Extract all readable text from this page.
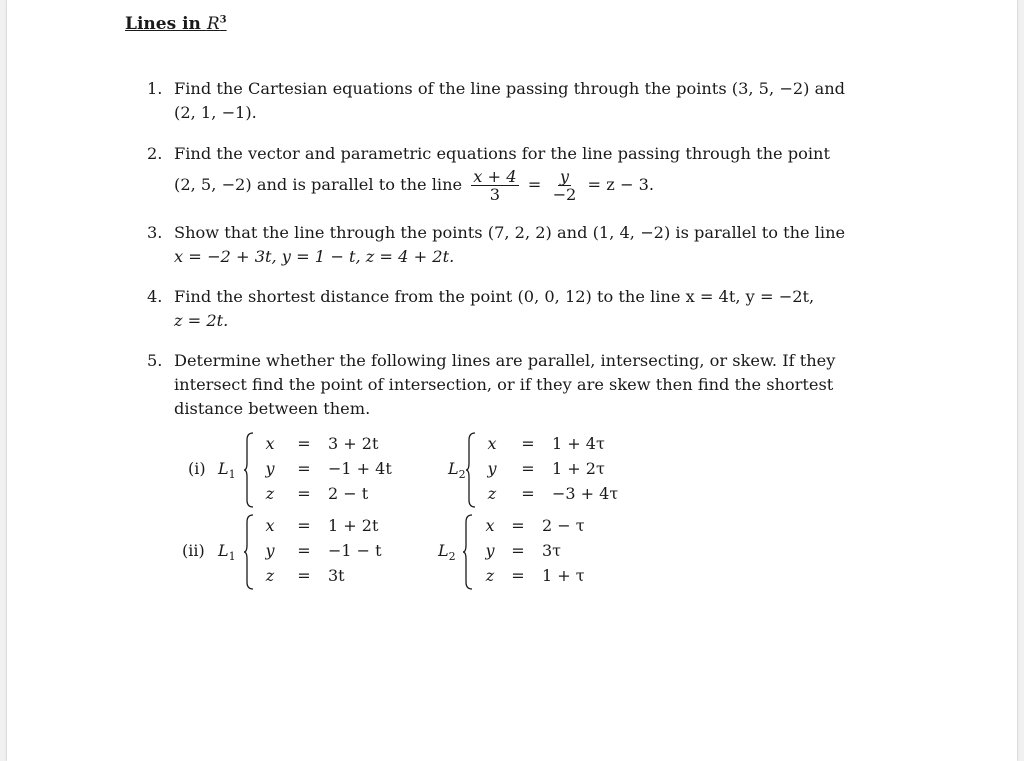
Lines in $R^3$
1. Find the Cartesian equations of the line passing through the points (3, 5, −2) and
(2, 1, −1).
2. Find the vector and parametric equations for the line passing through the point
(2, 5, −2) and is parallel to the line $\frac{x + 4}{3} = \frac{y}{-2} = z - 3$.
3. Show that the line through the points (7, 2, 2) and (1, 4, −2) is parallel to the line
x = −2 + 3t, y = 1 − t, z = 4 + 2t.
4. Find the shortest distance from the point (0, 0, 12) to the line x = 4t, y = −2t,
z = 2t.
5. Determine whether the following lines are parallel, intersecting, or skew. If they
intersect find the point of intersection, or if they are skew then find the shortest
distance between them.
(i) $L_1$
x = 3 + 2t
y = −1 + 4t
z = 2 − t
$L_2$
x = 1 + 4τ
y = 1 + 2τ
z = −3 + 4τ
(ii) $L_1$
x = 1 + 2t
y = −1 − t
z = 3t
$L_2$
x = 2 − τ
y = 3τ
z = 1 + τ
